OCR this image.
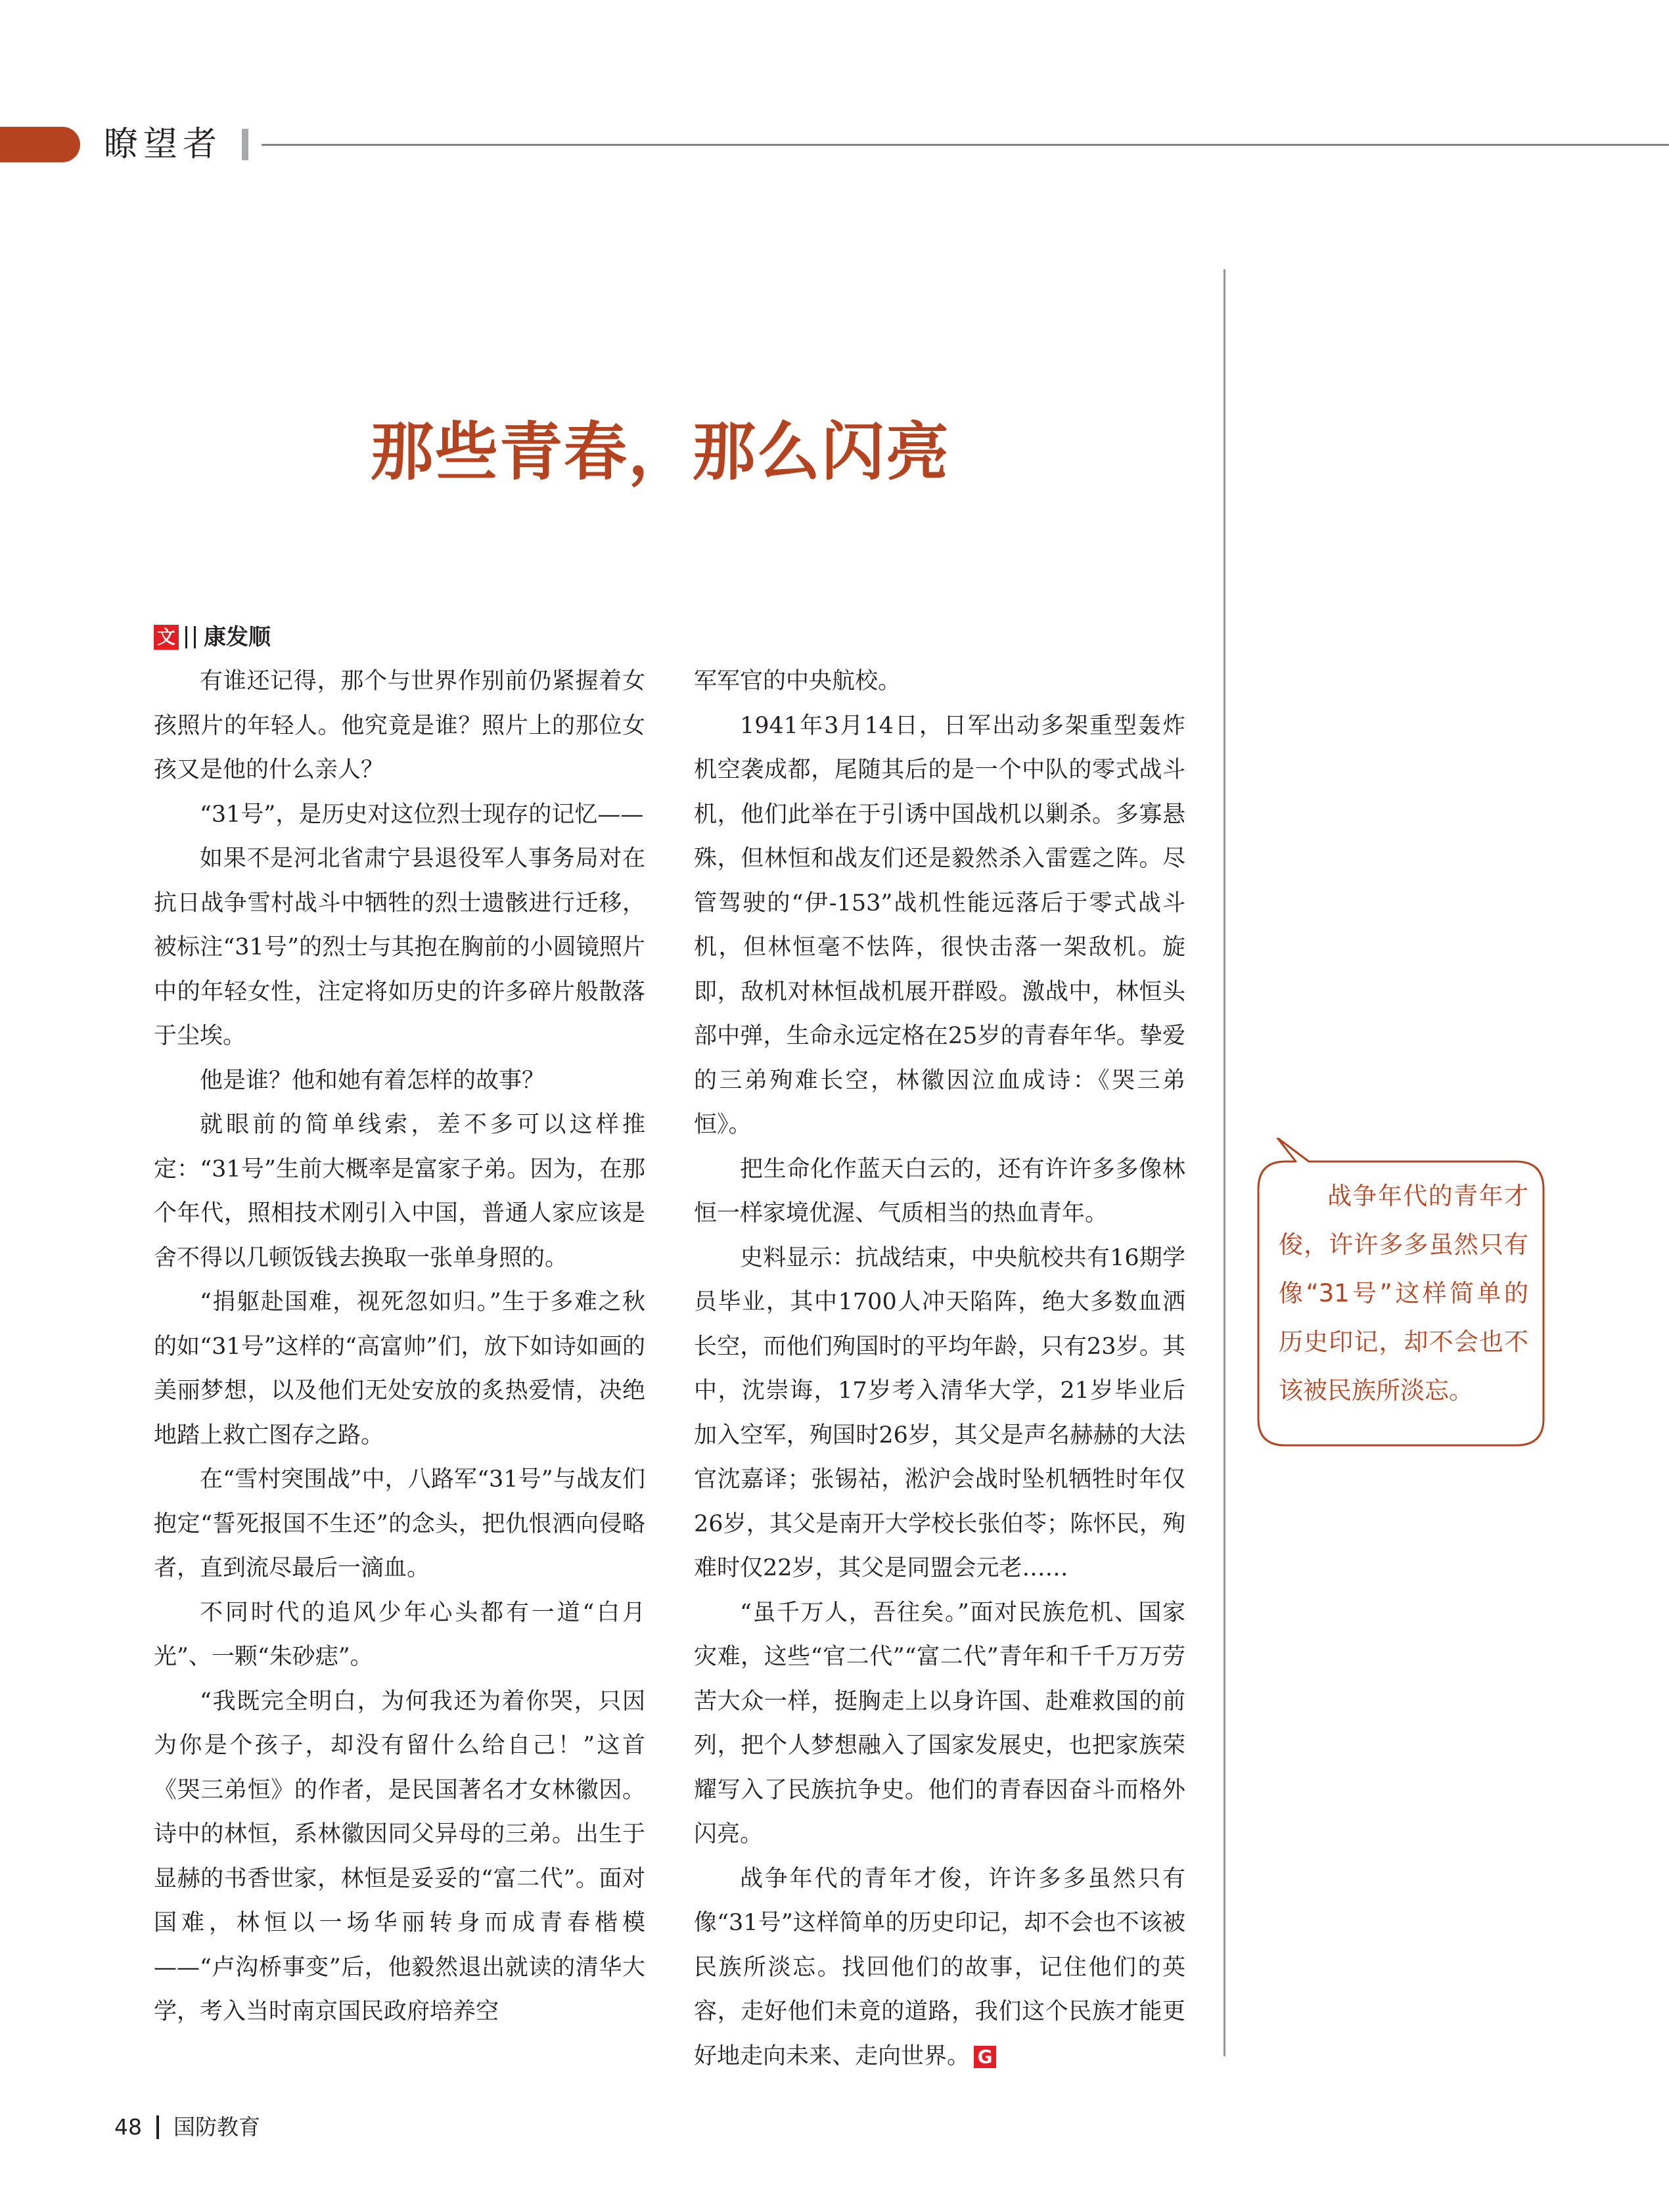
瞭望者
那些青春，那么闪亮
文 康发顺

有谁还记得，那个与世界作别前仍紧握着女孩照片的年轻人。他究竟是谁？照片上的那位女孩又是他的什么亲人？

“31号”，是历史对这位烈士现存的记忆——

如果不是河北省肃宁县退役军人事务局对在抗日战争雪村战斗中牺牲的烈士遗骸进行迁移，被标注“31号”的烈士与其抱在胸前的小圆镜照片中的年轻女性，注定将如历史的许多碎片般散落于尘埃。

他是谁？他和她有着怎样的故事？

就眼前的简单线索，差不多可以这样推定：“31号”生前大概率是富家子弟。因为，在那个年代，照相技术刚引入中国，普通人家应该是舍不得以几顿饭钱去换取一张单身照的。

“捐躯赴国难，视死忽如归。”生于多难之秋的如“31号”这样的“高富帅”们，放下如诗如画的美丽梦想，以及他们无处安放的炙热爱情，决绝地踏上救亡图存之路。

在“雪村突围战”中，八路军“31号”与战友们抱定“誓死报国不生还”的念头，把仇恨洒向侵略者，直到流尽最后一滴血。

不同时代的追风少年心头都有一道“白月光”、一颗“朱砂痣”。

“我既完全明白，为何我还为着你哭，只因为你是个孩子，却没有留什么给自己！”这首《哭三弟恒》的作者，是民国著名才女林徽因。诗中的林恒，系林徽因同父异母的三弟。出生于显赫的书香世家，林恒是妥妥的“富二代”。面对国难，林恒以一场华丽转身而成青春楷模——“卢沟桥事变”后，他毅然退出就读的清华大学，考入当时南京国民政府培养空

军军官的中央航校。

1941年3月14日，日军出动多架重型轰炸机空袭成都，尾随其后的是一个中队的零式战斗机，他们此举在于引诱中国战机以剿杀。多寡悬殊，但林恒和战友们还是毅然杀入雷霆之阵。尽管驾驶的“伊-153”战机性能远落后于零式战斗机，但林恒毫不怯阵，很快击落一架敌机。旋即，敌机对林恒战机展开群殴。激战中，林恒头部中弹，生命永远定格在25岁的青春年华。挚爱的三弟殉难长空，林徽因泣血成诗：《哭三弟恒》。

把生命化作蓝天白云的，还有许许多多像林恒一样家境优渥、气质相当的热血青年。

史料显示：抗战结束，中央航校共有16期学员毕业，其中1700人冲天陷阵，绝大多数血洒长空，而他们殉国时的平均年龄，只有23岁。其中，沈崇诲，17岁考入清华大学，21岁毕业后加入空军，殉国时26岁，其父是声名赫赫的大法官沈嘉译；张锡祜，淞沪会战时坠机牺牲时年仅26岁，其父是南开大学校长张伯苓；陈怀民，殉难时仅22岁，其父是同盟会元老……

“虽千万人，吾往矣。”面对民族危机、国家灾难，这些“官二代”“富二代”青年和千千万万劳苦大众一样，挺胸走上以身许国、赴难救国的前列，把个人梦想融入了国家发展史，也把家族荣耀写入了民族抗争史。他们的青春因奋斗而格外闪亮。

战争年代的青年才俊，许许多多虽然只有像“31号”这样简单的历史印记，却不会也不该被民族所淡忘。找回他们的故事，记住他们的英容，走好他们未竟的道路，我们这个民族才能更好地走向未来、走向世界。 G

战争年代的青年才俊，许许多多虽然只有像“31号”这样简单的历史印记，却不会也不该被民族所淡忘。
48 国防教育
